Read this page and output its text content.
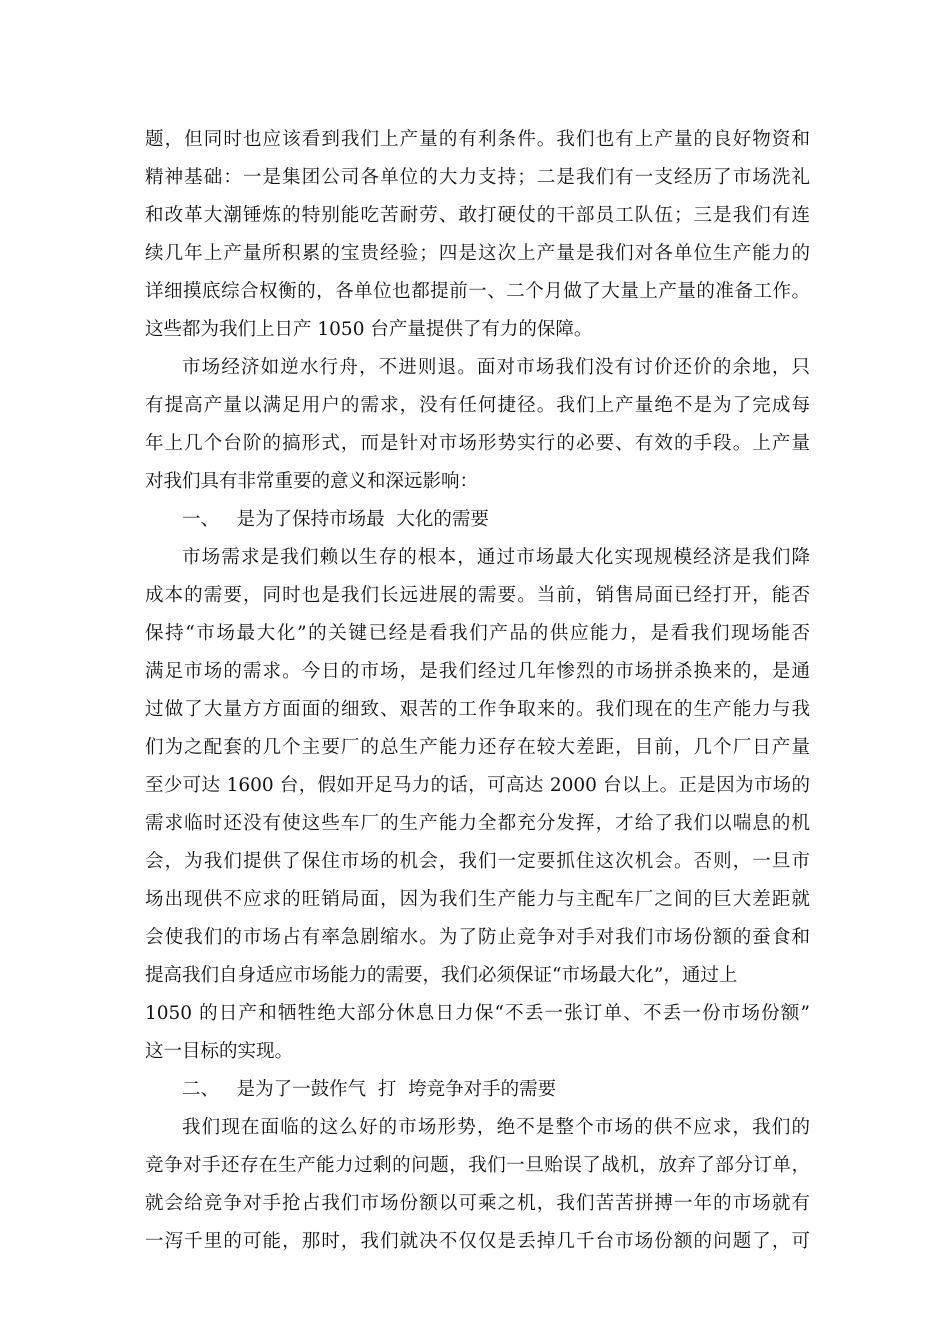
题，但同时也应该看到我们上产量的有利条件。我们也有上产量的良好物资和
精神基础：一是集团公司各单位的大力支持；二是我们有一支经历了市场洗礼
和改革大潮锤炼的特别能吃苦耐劳、敢打硬仗的干部员工队伍；三是我们有连
续几年上产量所积累的宝贵经验；四是这次上产量是我们对各单位生产能力的
详细摸底综合权衡的，各单位也都提前一、二个月做了大量上产量的准备工作。
这些都为我们上日产 1050 台产量提供了有力的保障。
市场经济如逆水行舟，不进则退。面对市场我们没有讨价还价的余地，只
有提高产量以满足用户的需求，没有任何捷径。我们上产量绝不是为了完成每
年上几个台阶的搞形式，而是针对市场形势实行的必要、有效的手段。上产量
对我们具有非常重要的意义和深远影响：
一、   是为了保持市场最  大化的需要
市场需求是我们赖以生存的根本，通过市场最大化实现规模经济是我们降
成本的需要，同时也是我们长远进展的需要。当前，销售局面已经打开，能否
保持“市场最大化”的关键已经是看我们产品的供应能力，是看我们现场能否
满足市场的需求。今日的市场，是我们经过几年惨烈的市场拼杀换来的，是通
过做了大量方方面面的细致、艰苦的工作争取来的。我们现在的生产能力与我
们为之配套的几个主要厂的总生产能力还存在较大差距，目前，几个厂日产量
至少可达 1600 台，假如开足马力的话，可高达 2000 台以上。正是因为市场的
需求临时还没有使这些车厂的生产能力全都充分发挥，才给了我们以喘息的机
会，为我们提供了保住市场的机会，我们一定要抓住这次机会。否则，一旦市
场出现供不应求的旺销局面，因为我们生产能力与主配车厂之间的巨大差距就
会使我们的市场占有率急剧缩水。为了防止竞争对手对我们市场份额的蚕食和
提高我们自身适应市场能力的需要，我们必须保证“市场最大化”，通过上
1050 的日产和牺牲绝大部分休息日力保“不丢一张订单、不丢一份市场份额”
这一目标的实现。
二、   是为了一鼓作气  打  垮竞争对手的需要
我们现在面临的这么好的市场形势，绝不是整个市场的供不应求，我们的
竞争对手还存在生产能力过剩的问题，我们一旦贻误了战机，放弃了部分订单，
就会给竞争对手抢占我们市场份额以可乘之机，我们苦苦拼搏一年的市场就有
一泻千里的可能，那时，我们就决不仅仅是丢掉几千台市场份额的问题了，可
